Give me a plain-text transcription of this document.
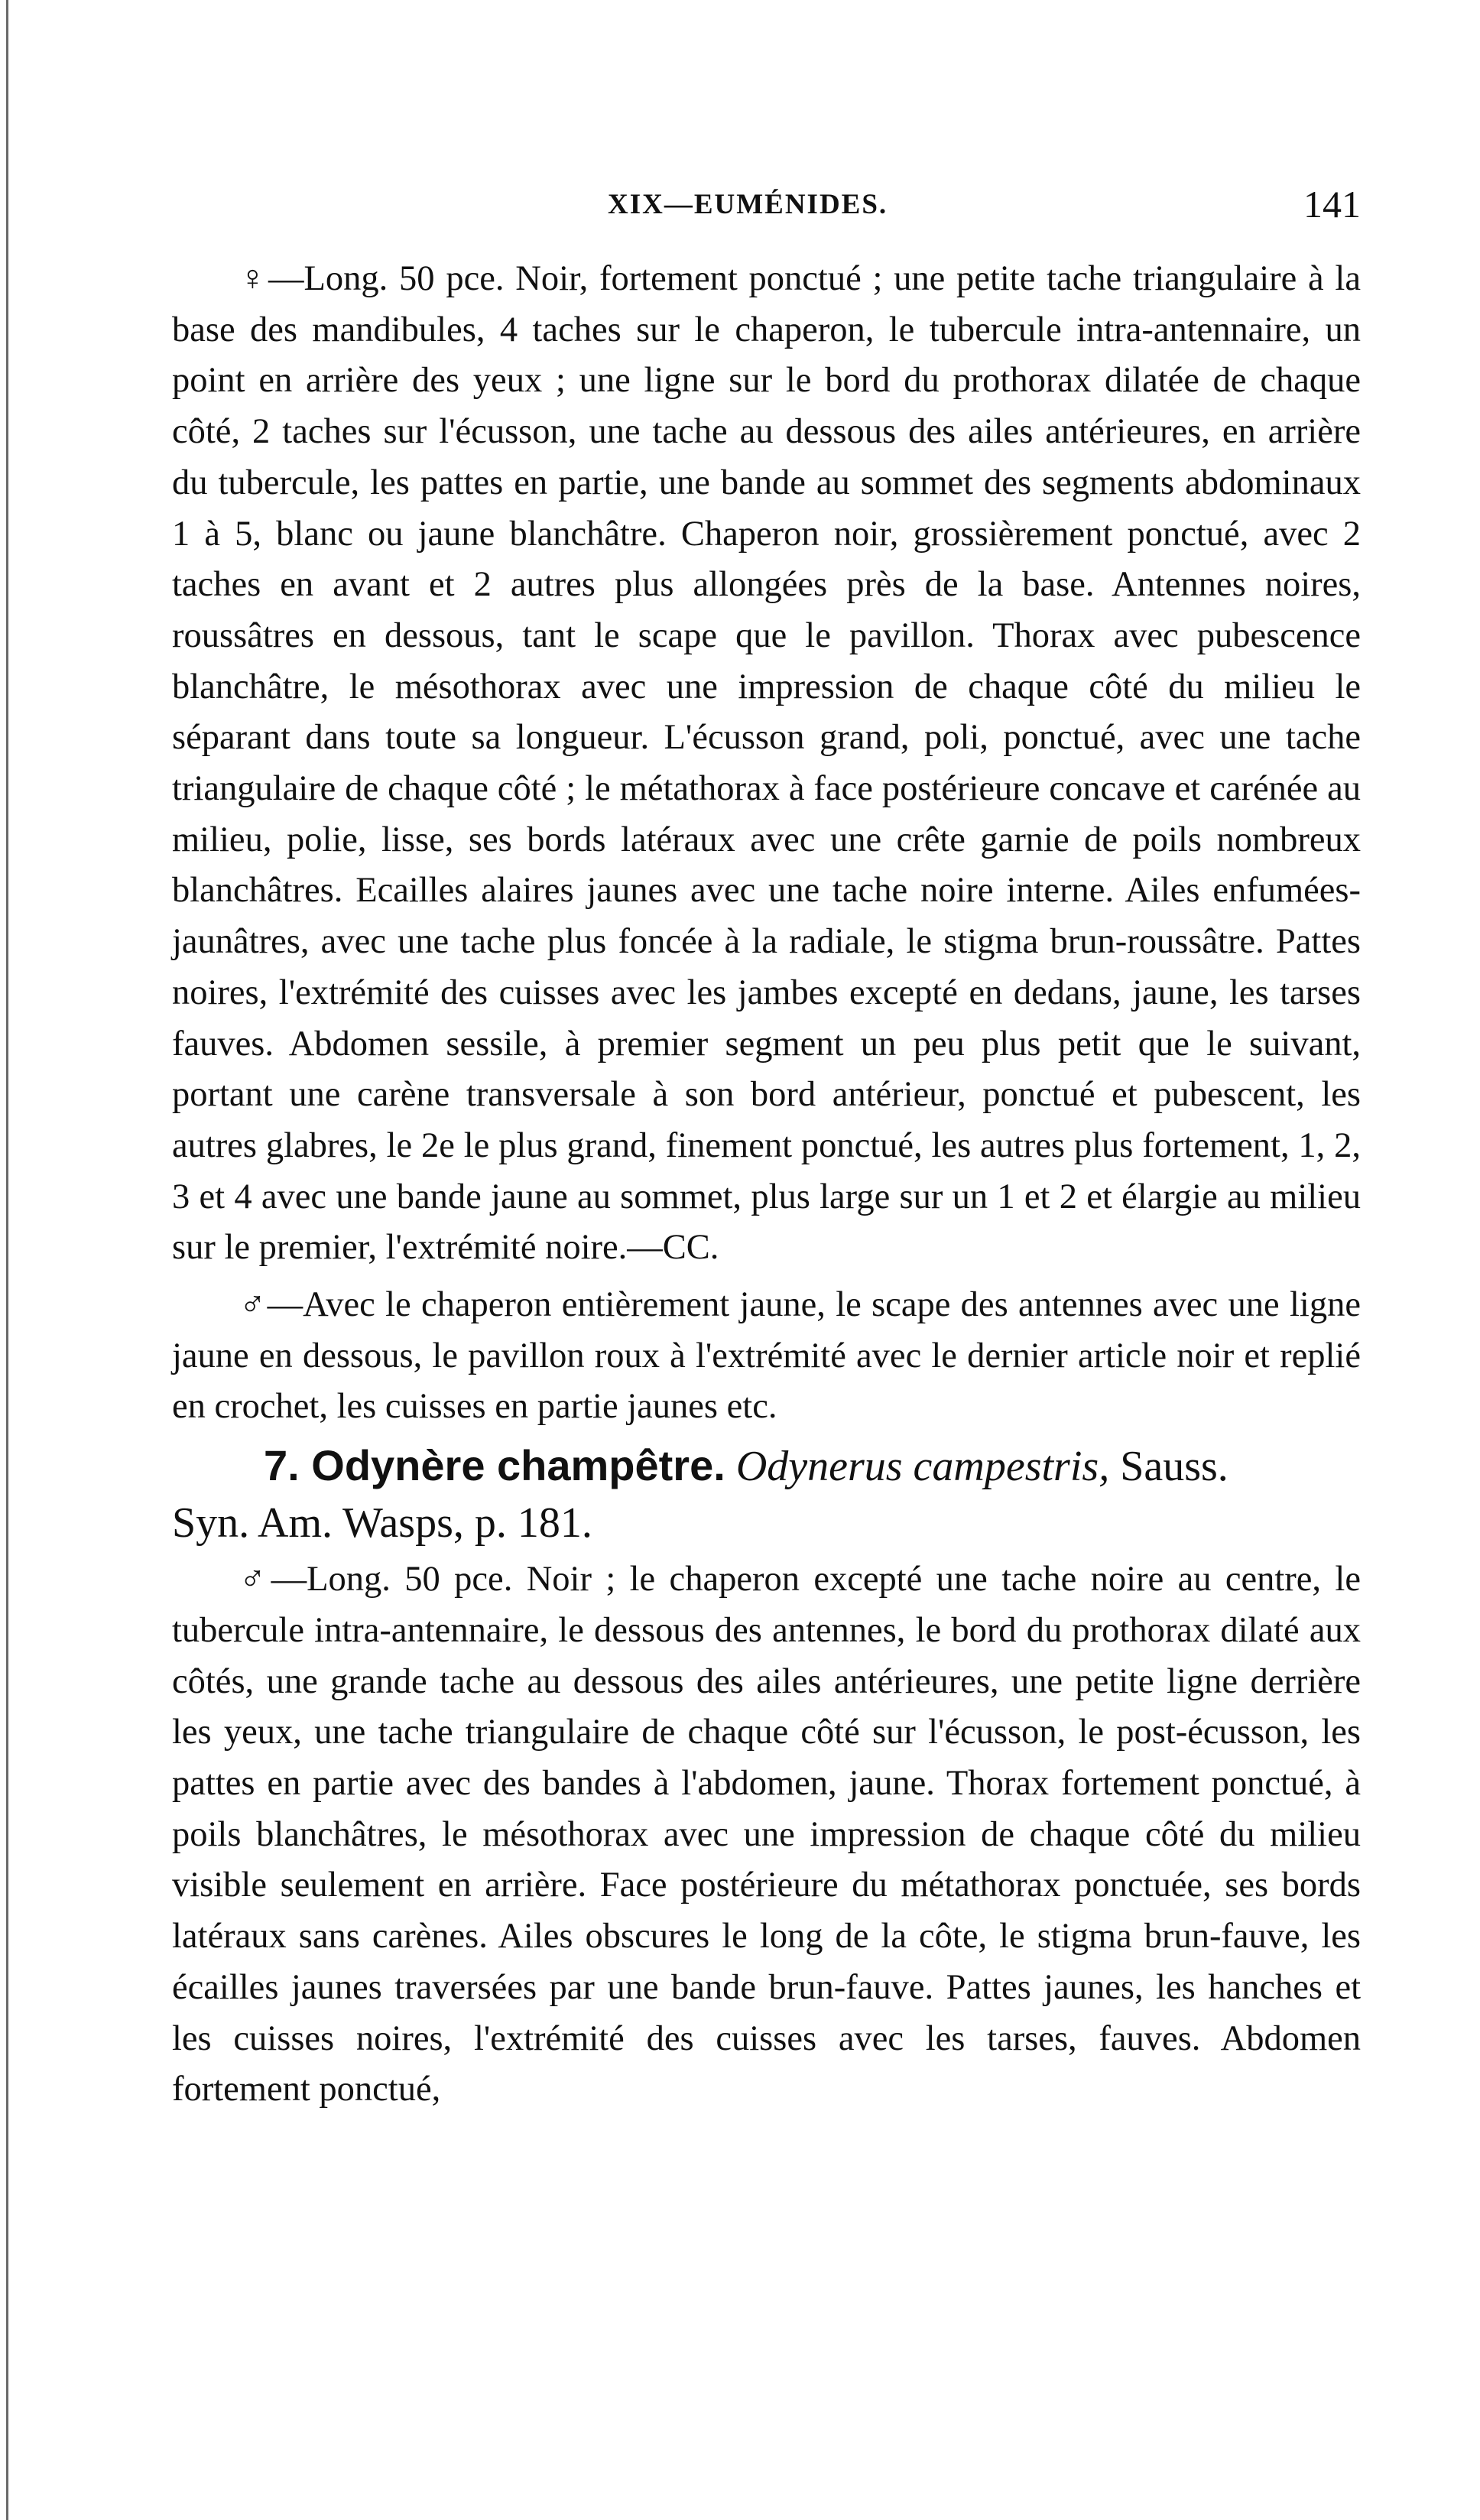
XIX—EUMÉNIDES.	141

♀—Long. 50 pce. Noir, fortement ponctué ; une petite tache triangulaire à la base des mandibules, 4 taches sur le chaperon, le tubercule intra-antennaire, un point en arrière des yeux ; une ligne sur le bord du prothorax dilatée de chaque côté, 2 taches sur l'écusson, une tache au dessous des ailes antérieures, en arrière du tubercule, les pattes en partie, une bande au sommet des segments abdominaux 1 à 5, blanc ou jaune blanchâtre. Chaperon noir, grossièrement ponctué, avec 2 taches en avant et 2 autres plus allongées près de la base. Antennes noires, roussâtres en dessous, tant le scape que le pavillon. Thorax avec pubescence blanchâtre, le mésothorax avec une impression de chaque côté du milieu le séparant dans toute sa longueur. L'écusson grand, poli, ponctué, avec une tache triangulaire de chaque côté ; le métathorax à face postérieure concave et carénée au milieu, polie, lisse, ses bords latéraux avec une crête garnie de poils nombreux blanchâtres. Ecailles alaires jaunes avec une tache noire interne. Ailes enfumées-jaunâtres, avec une tache plus foncée à la radiale, le stigma brun-roussâtre. Pattes noires, l'extrémité des cuisses avec les jambes excepté en dedans, jaune, les tarses fauves. Abdomen sessile, à premier segment un peu plus petit que le suivant, portant une carène transversale à son bord antérieur, ponctué et pubescent, les autres glabres, le 2e le plus grand, finement ponctué, les autres plus fortement, 1, 2, 3 et 4 avec une bande jaune au sommet, plus large sur un 1 et 2 et élargie au milieu sur le premier, l'extrémité noire.—CC.

♂—Avec le chaperon entièrement jaune, le scape des antennes avec une ligne jaune en dessous, le pavillon roux à l'extrémité avec le dernier article noir et replié en crochet, les cuisses en partie jaunes etc.

7. Odynère champêtre. Odynerus campestris, Sauss.
Syn. Am. Wasps, p. 181.

♂—Long. 50 pce. Noir ; le chaperon excepté une tache noire au centre, le tubercule intra-antennaire, le dessous des antennes, le bord du prothorax dilaté aux côtés, une grande tache au dessous des ailes antérieures, une petite ligne derrière les yeux, une tache triangulaire de chaque côté sur l'écusson, le post-écusson, les pattes en partie avec des bandes à l'abdomen, jaune. Thorax fortement ponctué, à poils blanchâtres, le mésothorax avec une impression de chaque côté du milieu visible seulement en arrière. Face postérieure du métathorax ponctuée, ses bords latéraux sans carènes. Ailes obscures le long de la côte, le stigma brun-fauve, les écailles jaunes traversées par une bande brun-fauve. Pattes jaunes, les hanches et les cuisses noires, l'extrémité des cuisses avec les tarses, fauves. Abdomen fortement ponctué,
